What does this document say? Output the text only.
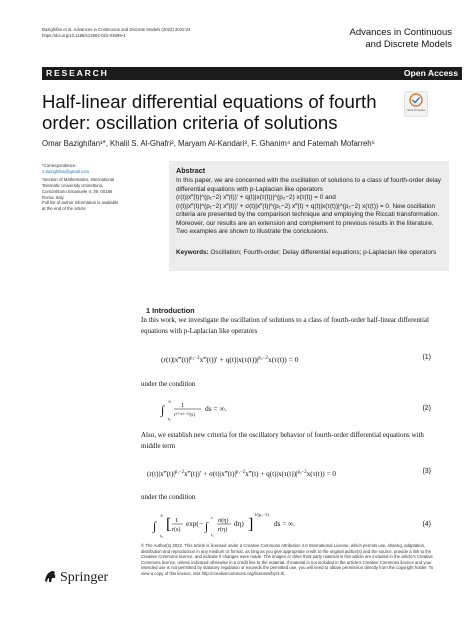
Bazighifan et al. Advances in Continuous and Discrete Models (2022) 2022:24
https://doi.org/10.1186/s13662-022-03699-4	Advances in Continuous
and Discrete Models
RESEARCH	Open Access
Half-linear differential equations of fourth order: oscillation criteria of solutions
Check for updates
Omar Bazighifan¹*, Khalil S. Al-Ghafri², Maryam Al-Kandari³, F. Ghanim⁴ and Fatemah Mofarreh⁵
*Correspondence:
o.bazighifan@gmail.com
¹Section of Mathematics, International Telematic University Uninettuno, CorsoVittorio Emanuele II, 39, 00186 Roma, Italy
Full list of author information is available at the end of the article
Abstract
In this paper, we are concerned with the oscillation of solutions to a class of fourth-order delay differential equations with p-Laplacian like operators
(r(t)|x‴(t)|^(p₁−2) x‴(t))′ + q(t)|x(τ(t))|^(p₂−2) x(τ(t)) = 0 and
(r(t)|x‴(t)|^(p₁−2) x‴(t))′ + σ(t)|x‴(t)|^(p₁−2) x‴(t) + q(t)|x(τ(t))|^(p₂−2) x(τ(t)) = 0. New oscillation criteria are presented by the comparison technique and employing the Riccati transformation. Moreover, our results are an extension and complement to previous results in the literature. Two examples are shown to illustrate the conclusions.
Keywords: Oscillation; Fourth-order; Delay differential equations; p-Laplacian like operators
1 Introduction
In this work, we investigate the oscillation of solutions to a class of fourth-order half-linear differential equations with p-Laplacian like operators
$(r(t)|x‴(t)|^{p_1-2}x‴(t))' + q(t)|x(\tau(t))|^{p_2-2}x(\tau(t)) = 0$	(1)
under the condition
∫
∞
t₀
1
r¹ᐟ⁽ᵖ¹⁻¹⁾(s)
ds = ∞.	(2)
Also, we establish new criteria for the oscillatory behavior of fourth-order differential equations with middle term
$(r(t)|x‴(t)|^{p_1-2}x‴(t))'$ + $\sigma(t)|x‴(t)|^{p_1-2}x‴(t) + q(t)|x(\tau(t))|^{p_2-2}x(\tau(t)) = 0$	(3)
under the condition
∫
∞
t₀
[ 1
r(s)
exp(− ∫
s
t₀
σ(η)
r(η)
dη) ]
1/(p₁−1)
ds = ∞.	(4)
© The Author(s) 2022. This article is licensed under a Creative Commons Attribution 4.0 International License, which permits use, sharing, adaptation, distribution and reproduction in any medium or format, as long as you give appropriate credit to the original author(s) and the source, provide a link to the Creative Commons licence, and indicate if changes were made. The images or other third party material in this article are included in the article's Creative Commons licence, unless indicated otherwise in a credit line to the material. If material is not included in the article's Creative Commons licence and your intended use is not permitted by statutory regulation or exceeds the permitted use, you will need to obtain permission directly from the copyright holder. To view a copy of this licence, visit http://creativecommons.org/licenses/by/4.0/.
Springer
